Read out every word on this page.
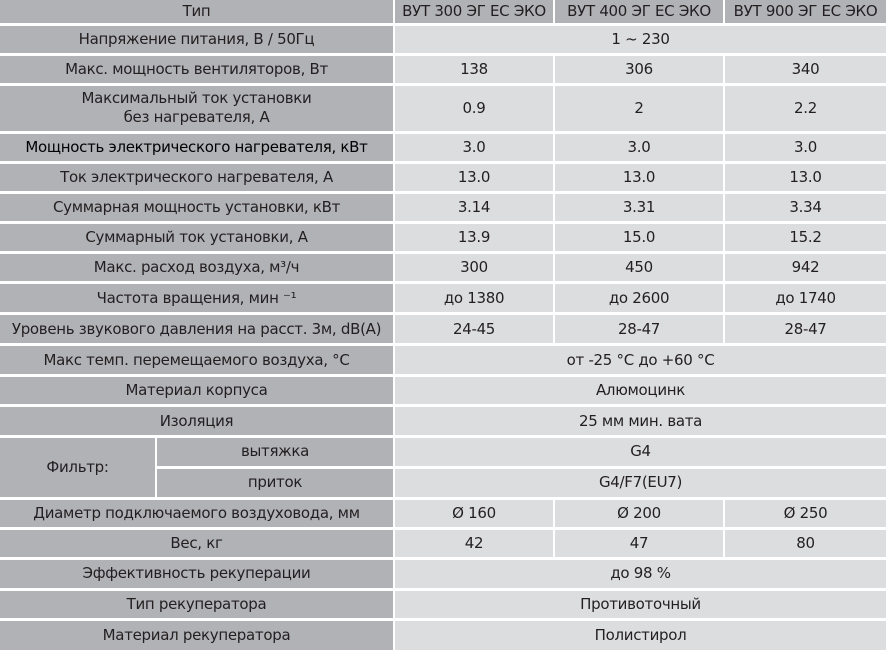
Тип		ВУТ 300 ЭГ ЕС ЭКО	ВУТ 400 ЭГ ЕС ЭКО	ВУТ 900 ЭГ ЕС ЭКО
Напряжение питания, В / 50Гц		1 ~ 230		
Макс. мощность вентиляторов, Вт		138	306	340

Максимальный ток установки
без нагревателя, А		0.9	2	2.2
Мощность электрического нагревателя, кВт		3.0	3.0	3.0
Ток электрического нагревателя, А		13.0	13.0	13.0
Суммарная мощность установки, кВт		3.14	3.31	3.34
Суммарный ток установки, А		13.9	15.0	15.2
Макс. расход воздуха, м³/ч		300	450	942
Частота вращения, мин ⁻¹		до 1380	до 2600	до 1740
Уровень звукового давления на расст. 3м, dB(A)		24-45	28-47	28-47
Макс темп. перемещаемого воздуха, °C		от -25 °C до +60 °C		
Материал корпуса		Алюмоцинк		
Изоляция		25 мм мин. вата		
Фильтр:	вытяжка	G4		
	приток	G4/F7(EU7)		
Диаметр подключаемого воздуховода, мм		Ø 160	Ø 200	Ø 250
Вес, кг		42	47	80
Эффективность рекуперации		до 98 %		
Тип рекуператора		Противоточный		
Материал рекуператора		Полистирол		
